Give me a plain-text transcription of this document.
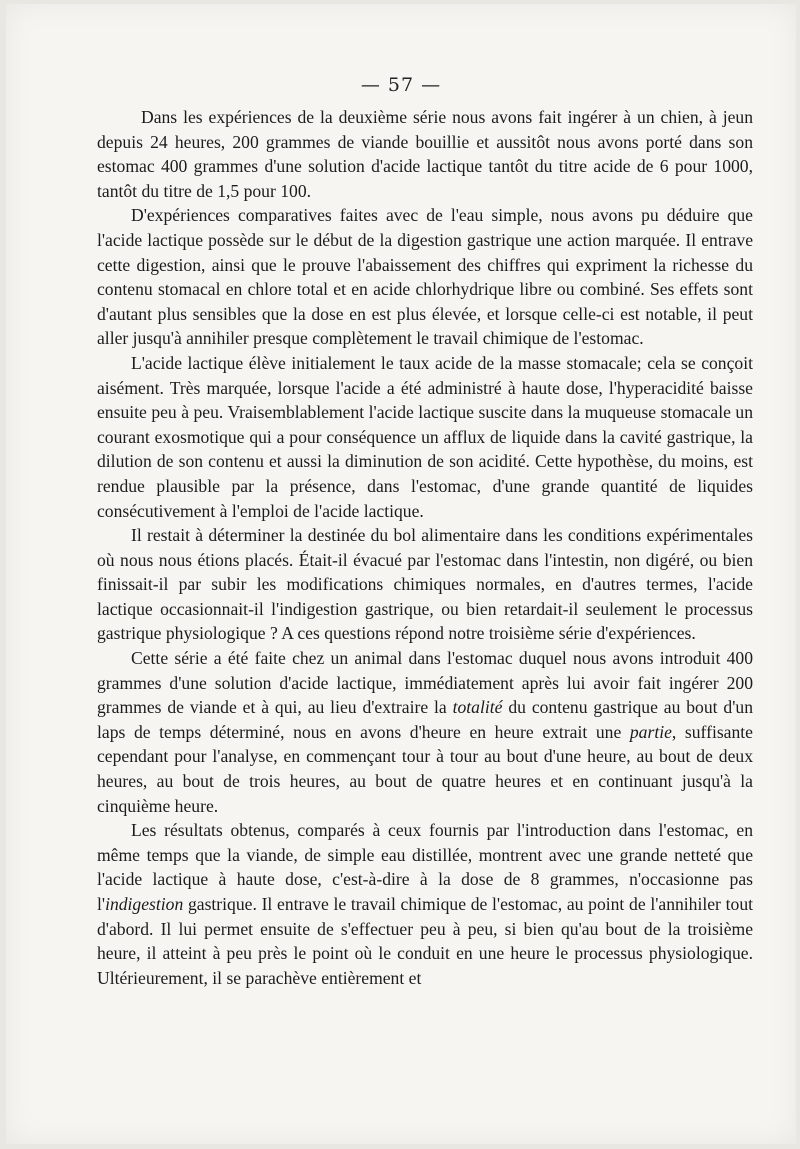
— 57 —

Dans les expériences de la deuxième série nous avons fait ingérer à un chien, à jeun depuis 24 heures, 200 grammes de viande bouillie et aussitôt nous avons porté dans son estomac 400 grammes d'une solution d'acide lactique tantôt du titre acide de 6 pour 1000, tantôt du titre de 1,5 pour 100.

D'expériences comparatives faites avec de l'eau simple, nous avons pu déduire que l'acide lactique possède sur le début de la digestion gastrique une action marquée. Il entrave cette digestion, ainsi que le prouve l'abaissement des chiffres qui expriment la richesse du contenu stomacal en chlore total et en acide chlorhydrique libre ou combiné. Ses effets sont d'autant plus sensibles que la dose en est plus élevée, et lorsque celle-ci est notable, il peut aller jusqu'à annihiler presque complètement le travail chimique de l'estomac.

L'acide lactique élève initialement le taux acide de la masse stomacale; cela se conçoit aisément. Très marquée, lorsque l'acide a été administré à haute dose, l'hyperacidité baisse ensuite peu à peu. Vraisemblablement l'acide lactique suscite dans la muqueuse stomacale un courant exosmotique qui a pour conséquence un afflux de liquide dans la cavité gastrique, la dilution de son contenu et aussi la diminution de son acidité. Cette hypothèse, du moins, est rendue plausible par la présence, dans l'estomac, d'une grande quantité de liquides consécutivement à l'emploi de l'acide lactique.

Il restait à déterminer la destinée du bol alimentaire dans les conditions expérimentales où nous nous étions placés. Était-il évacué par l'estomac dans l'intestin, non digéré, ou bien finissait-il par subir les modifications chimiques normales, en d'autres termes, l'acide lactique occasionnait-il l'indigestion gastrique, ou bien retardait-il seulement le processus gastrique physiologique ? A ces questions répond notre troisième série d'expériences.

Cette série a été faite chez un animal dans l'estomac duquel nous avons introduit 400 grammes d'une solution d'acide lactique, immédiatement après lui avoir fait ingérer 200 grammes de viande et à qui, au lieu d'extraire la totalité du contenu gastrique au bout d'un laps de temps déterminé, nous en avons d'heure en heure extrait une partie, suffisante cependant pour l'analyse, en commençant tour à tour au bout d'une heure, au bout de deux heures, au bout de trois heures, au bout de quatre heures et en continuant jusqu'à la cinquième heure.

Les résultats obtenus, comparés à ceux fournis par l'introduction dans l'estomac, en même temps que la viande, de simple eau distillée, montrent avec une grande netteté que l'acide lactique à haute dose, c'est-à-dire à la dose de 8 grammes, n'occasionne pas l'indigestion gastrique. Il entrave le travail chimique de l'estomac, au point de l'annihiler tout d'abord. Il lui permet ensuite de s'effectuer peu à peu, si bien qu'au bout de la troisième heure, il atteint à peu près le point où le conduit en une heure le processus physiologique. Ultérieurement, il se parachève entièrement et
